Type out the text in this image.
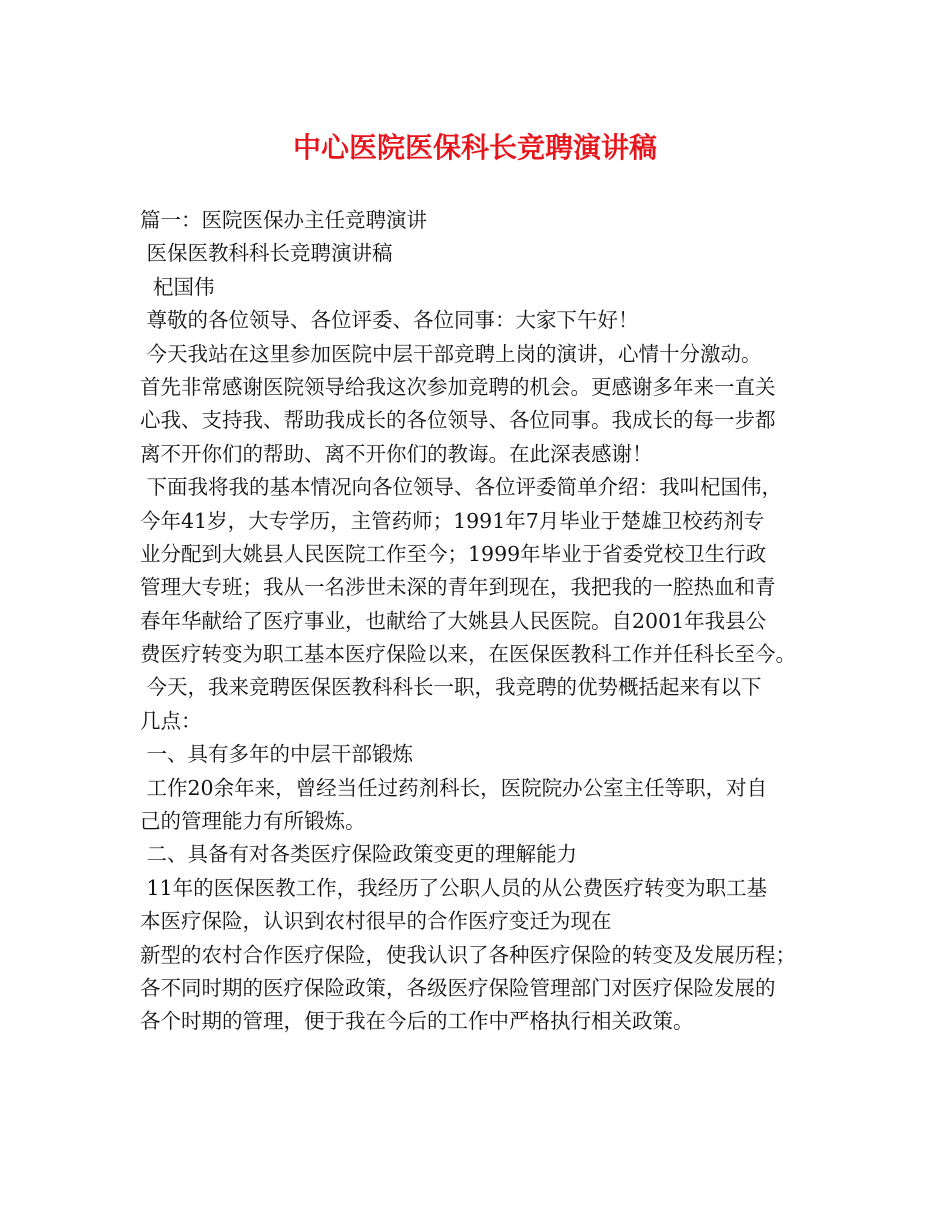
中心医院医保科长竞聘演讲稿
篇一：医院医保办主任竞聘演讲
医保医教科科长竞聘演讲稿
杞国伟
尊敬的各位领导、各位评委、各位同事：大家下午好！
今天我站在这里参加医院中层干部竞聘上岗的演讲，心情十分激动。
首先非常感谢医院领导给我这次参加竞聘的机会。更感谢多年来一直关
心我、支持我、帮助我成长的各位领导、各位同事。我成长的每一步都
离不开你们的帮助、离不开你们的教诲。在此深表感谢！
下面我将我的基本情况向各位领导、各位评委简单介绍：我叫杞国伟，
今年41岁，大专学历，主管药师；1991年7月毕业于楚雄卫校药剂专
业分配到大姚县人民医院工作至今；1999年毕业于省委党校卫生行政
管理大专班；我从一名涉世未深的青年到现在，我把我的一腔热血和青
春年华献给了医疗事业，也献给了大姚县人民医院。自2001年我县公
费医疗转变为职工基本医疗保险以来，在医保医教科工作并任科长至今。
今天，我来竞聘医保医教科科长一职，我竞聘的优势概括起来有以下
几点：
一、具有多年的中层干部锻炼
工作20余年来，曾经当任过药剂科长，医院院办公室主任等职，对自
己的管理能力有所锻炼。
二、具备有对各类医疗保险政策变更的理解能力
11年的医保医教工作，我经历了公职人员的从公费医疗转变为职工基
本医疗保险，认识到农村很早的合作医疗变迁为现在
新型的农村合作医疗保险，使我认识了各种医疗保险的转变及发展历程；
各不同时期的医疗保险政策，各级医疗保险管理部门对医疗保险发展的
各个时期的管理，便于我在今后的工作中严格执行相关政策。
